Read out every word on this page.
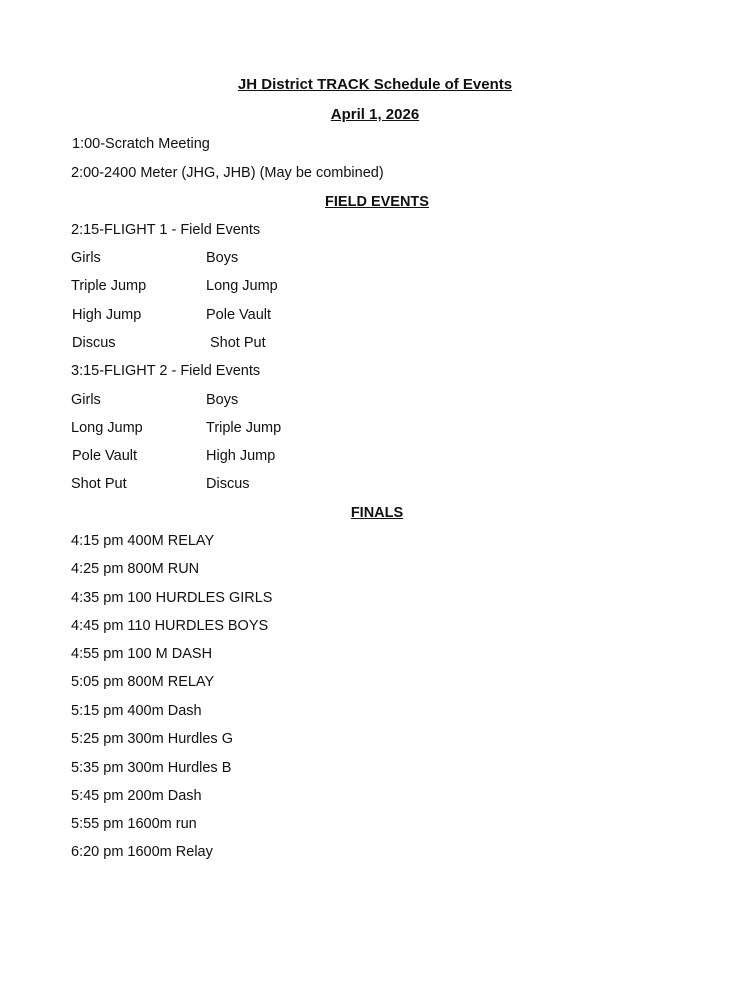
JH District TRACK Schedule of Events
April 1, 2026
1:00-Scratch Meeting
2:00-2400 Meter (JHG, JHB) (May be combined)
FIELD EVENTS
2:15-FLIGHT 1 - Field Events
Girls	Boys
Triple Jump	Long Jump
High Jump	Pole Vault
Discus	Shot Put
3:15-FLIGHT 2 - Field Events
Girls	Boys
Long Jump	Triple Jump
Pole Vault	High Jump
Shot Put	Discus
FINALS
4:15 pm 400M RELAY
4:25 pm 800M RUN
4:35 pm 100 HURDLES GIRLS
4:45 pm 110 HURDLES BOYS
4:55 pm 100 M DASH
5:05 pm 800M RELAY
5:15 pm 400m Dash
5:25 pm 300m Hurdles G
5:35 pm 300m Hurdles B
5:45 pm 200m Dash
5:55 pm 1600m run
6:20 pm 1600m Relay
